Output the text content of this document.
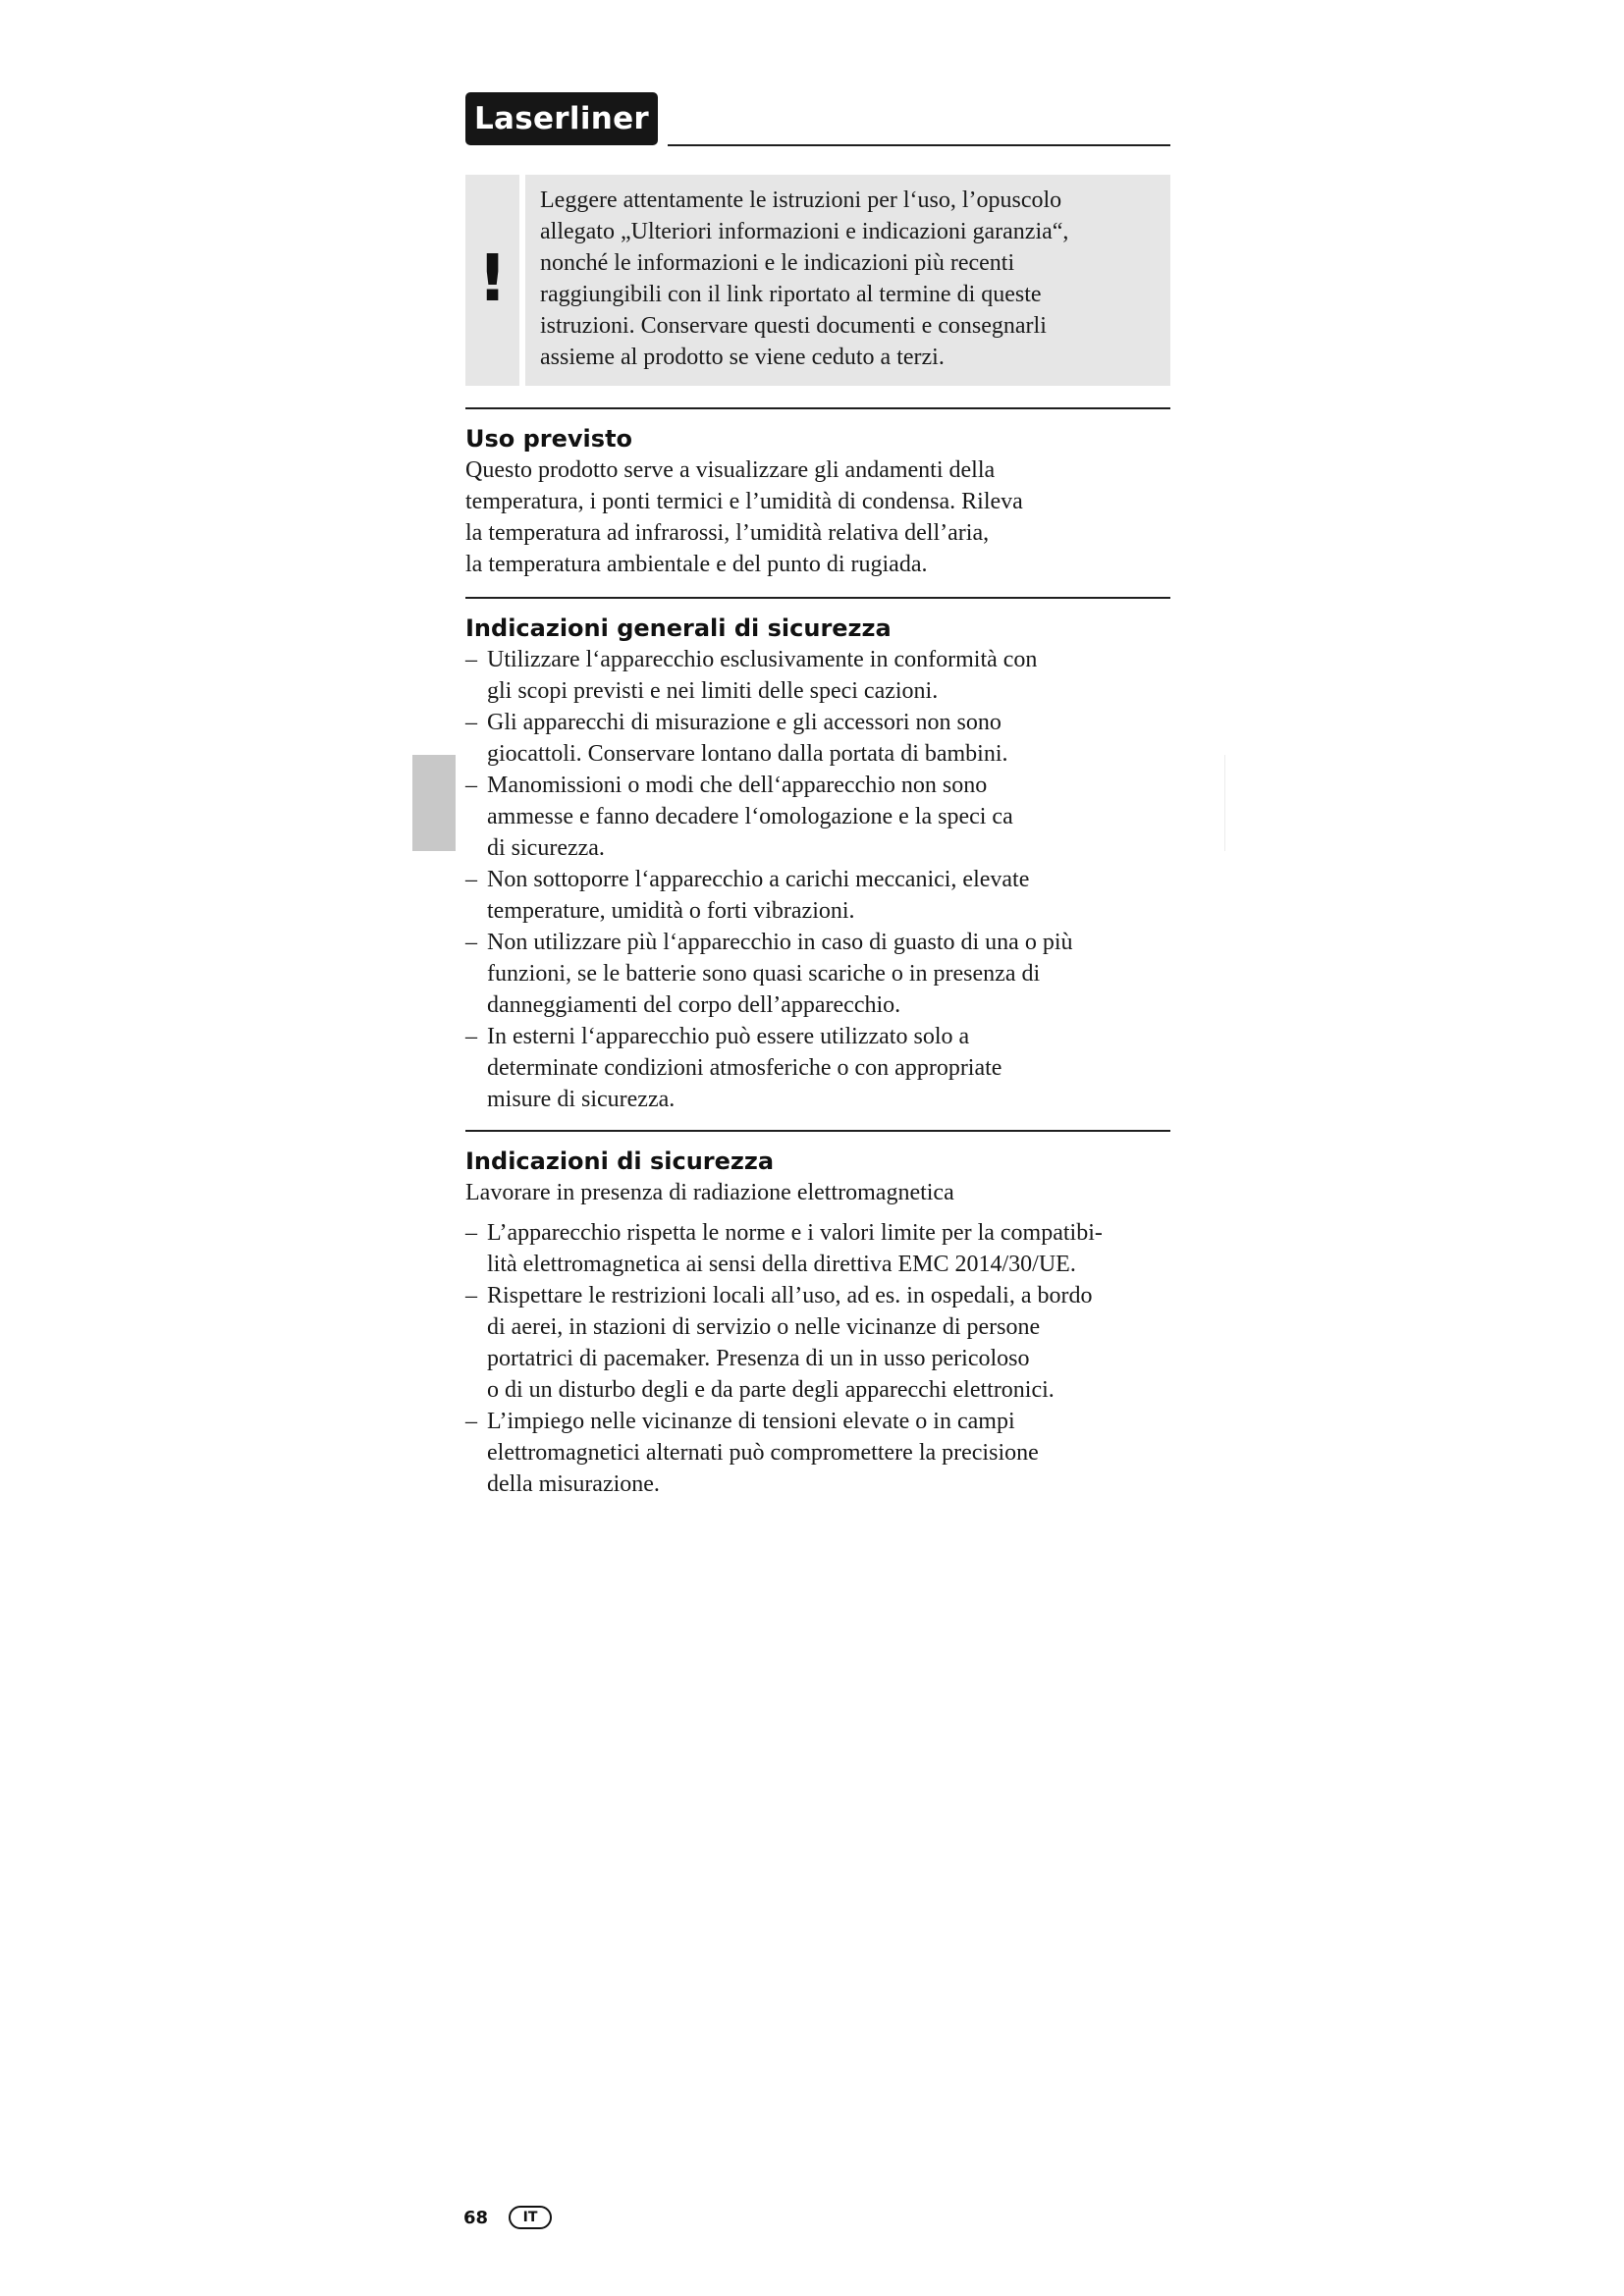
Laserliner
!

Leggere attentamente le istruzioni per l‘uso, l’opuscolo
allegato „Ulteriori informazioni e indicazioni garanzia“,
nonché le informazioni e le indicazioni più recenti
raggiungibili con il link riportato al termine di queste
istruzioni. Conservare questi documenti e consegnarli
assieme al prodotto se viene ceduto a terzi.

Uso previsto

Questo prodotto serve a visualizzare gli andamenti della
temperatura, i ponti termici e l’umidità di condensa. Rileva
la temperatura ad infrarossi, l’umidità relativa dell’aria,
la temperatura ambientale e del punto di rugiada.

Indicazioni generali di sicurezza
– Utilizzare l‘apparecchio esclusivamente in conformità con
gli scopi previsti e nei limiti delle speci cazioni.
– Gli apparecchi di misurazione e gli accessori non sono
giocattoli. Conservare lontano dalla portata di bambini.
– Manomissioni o modi che dell‘apparecchio non sono
ammesse e fanno decadere l‘omologazione e la speci ca
di sicurezza.
– Non sottoporre l‘apparecchio a carichi meccanici, elevate
temperature, umidità o forti vibrazioni.
– Non utilizzare più l‘apparecchio in caso di guasto di una o più
funzioni, se le batterie sono quasi scariche o in presenza di
danneggiamenti del corpo dell’apparecchio.
– In esterni l‘apparecchio può essere utilizzato solo a
determinate condizioni atmosferiche o con appropriate
misure di sicurezza.
Indicazioni di sicurezza

Lavorare in presenza di radiazione elettromagnetica

– L’apparecchio rispetta le norme e i valori limite per la compatibi-
lità elettromagnetica ai sensi della direttiva EMC 2014/30/UE.
– Rispettare le restrizioni locali all’uso, ad es. in ospedali, a bordo
di aerei, in stazioni di servizio o nelle vicinanze di persone
portatrici di pacemaker. Presenza di un in usso pericoloso
o di un disturbo degli e da parte degli apparecchi elettronici.
– L’impiego nelle vicinanze di tensioni elevate o in campi
elettromagnetici alternati può compromettere la precisione
della misurazione.
68	IT
